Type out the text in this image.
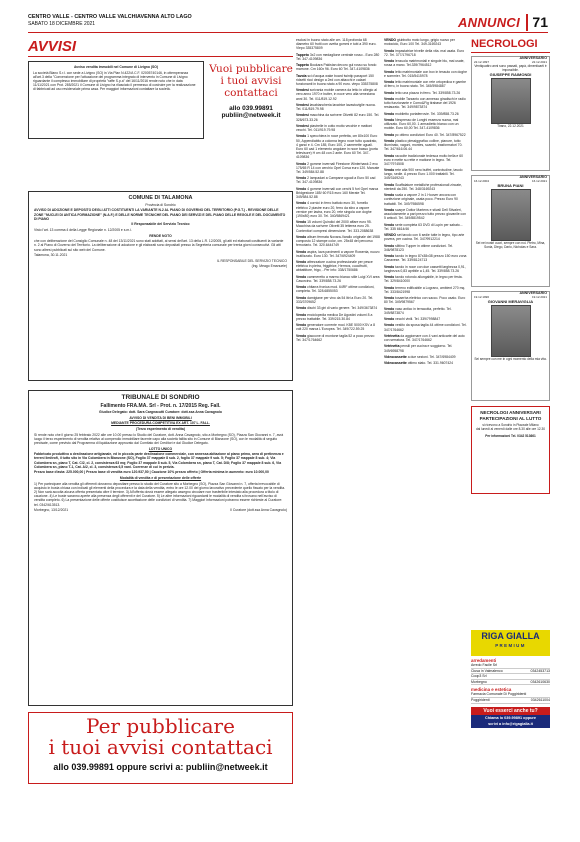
CENTRO VALLE - CENTRO VALLE VALCHIAVENNA ALTO LAGO
SABATO 18 DICEMBRE 2021	ANNUNCI 71
AVVISI

Avviso vendita immobili nel Comune di Livigno (SO)

La società Blano S.r.l. con sede a Livigno (SO) in Via Plan N.422/A C.F. 02005740146, in ottemperanza all'art.3 della "Convenzione per l'attuazione del programma integrato di intervento in Comune di Livigno riguardante il complesso immobiliare di proprietà "raffe S.p.a" del 16/11/2016 rende noto che in data 11/11/2021 con Prot. 285/2021 il Comune di Livigno ha rilasciato il permesso di costruire per la realizzazione di fabbricati ad uso residenziale prima casa. Per maggiori informazioni contattare la società.

Vuoi pubblicare
i tuoi avvisi
contattaci
allo 039.99891
publiin@netweek.it

COMUNE DI TALAMONA

Provincia di Sondrio

AVVISO DI ADOZIONE E DEPOSITO DEGLI ATTI COSTITUENTI LA VARIANTE N.2 AL PIANO DI GOVERNO DEL TERRITORIO (P.G.T.) - REVISIONE DELLE ZONE "NUCLEI DI ANTICA FORMAZIONE" (N.A.F.) E DELLE NORME TECNICHE DEL PIANO DEI SERVIZI E DEL PIANO DELLE REGOLE E DEL DOCUMENTO DI PIANO

Il Responsabile del Servizio Tecnico

Visto l'art. 13 comma 4 della Legge Regionale n. 12/2005 e s.m.i.

RENDE NOTO

che con deliberazione del Consiglio Comunale n. 48 del 13/11/2021 sono stati adottati, ai sensi dell'art. 13 della L.R. 12/2005, gli atti ed elaborati costituenti la variante n. 2 al Piano di Governo del Territorio. La deliberazione di adozione e gli elaborati sono depositati presso la Segreteria comunale per trenta giorni consecutivi. Gli atti sono altresì pubblicati sul sito web del Comune.

Talamona, 30.11.2021

IL RESPONSABILE DEL SERVIZIO TECNICO

(Ing. Meago Emanuele)

TRIBUNALE DI SONDRIO

Fallimento FRA.MA. Srl - Prot. n. 17/2015 Reg. Fall.

Giudice Delegato: dott. Sara Cargnacutti Curatore: dott.ssa Anna Cavagnolo

AVVISO DI VENDITA DI BENI IMMOBILI

MEDIANTE PROCEDURA COMPETITIVA EX ART. 107 L. FALL.

(Terzo esperimento di vendita)

Si rende noto che il giorno 25 febbraio 2022 alle ore 10.00 presso lo Studio del Curatore, dott. Anna Cavagnolo, sito a Morbegno (SO), Piazza San Giovanni n. 7, avrà luogo il terzo esperimento di vendita relativo al compendio immobiliare facente capo alla società fallita sito in Comune di Bianzone (SO), con le modalità di seguito precisate, come previsto dal Programma di liquidazione approvato dal Comitato dei Creditori e dal Giudice Delegato.

LOTTO UNICO

Fabbricato produttivo a destinazione artigianale, ed in piccola parte destinazione commerciale, con annessa abitazione al piano primo, area di pertinenza e terreni limitrofi, il tutto sito in Via Colombera in Bianzone (SO), Foglio 37 mappale 8 sub. 2, foglio 37 mappale 9 sub. 5; Foglio 37 mappale 8 sub. 4; Via Colombera sn, piano T, Cat. C/2, cl. 2, consistenza 63 mq; Foglio 37 mappale 8 sub. 5, Via Colombera sn, piano T, Cat. D/8; Foglio 37 mappale 8 sub. 6, Via Colombera sn, piano T-1, Cat. A/2, cl. 3, consistenza 6,5 vani. Coerenze di cui in perizia.

Prezzo base d'asta: 225.000,00 | Prezzo base di vendita euro 120.937,50 | Cauzione 10% prezzo offerto | Offerta minima in aumento: euro 10.000,00

Modalità di vendita e di presentazione delle offerte

1) Per partecipare alla vendita gli offerenti dovranno depositare presso lo studio del Curatore sito a Morbegno (SO), Piazza San Giovanni n. 7, offerta irrevocabile di acquisto in busta chiusa con indicati gli elementi della procedura e la data della vendita, entro le ore 12.00 del giorno lavorativo precedente quello fissato per la vendita. 2) Non sarà accolta alcuna offerta presentata oltre il termine. 3) All'offerta dovrà essere allegato assegno circolare non trasferibile intestato alla procedura a titolo di cauzione. 4) Le buste saranno aperte alla presenza degli offerenti e del Curatore. 5) Le altre informazioni riguardanti le modalità di vendita si trovano nell'avviso di vendita completo. 6) La presentazione delle offerte costituisce accettazione delle condizioni di vendita. 7) Maggiori informazioni potranno essere richieste al Curatore: tel. 0342/613513.

Morbegno, 13/12/2021	Il Curatore (dott.ssa Anna Cavagnolo)

Per pubblicare
i tuoi avvisi contattaci
allo 039.99891 oppure scrivi a: publiin@netweek.it

esclusi in buono stato alle cm. 118 profonda 68 diametro 60 frutti con uvetta gommi e tubi a 390 euro. Vlepo 335375809

Tappeto 3x2 con medaglione centrale rosso - Euro 280 Tel. 347-4109836

Tappeto Boukara Pakistan decoro gul rosso su fondo marrone. Cm 160x 96. Euro 60 Tel. 347-4109836

Tavola sci d'acqua wake board twintip passport 150 ridsetti ricci design a 2ed con attacchi e calzari funzionanti in buono stato a 90 euro. vlepo 335375808

Vendesi scrivania mobile camera da letto in ciliegio al vero anno 1970 e butter, in noce vero alla veneziana anni 30. Tel. 011/819.12.92

Vendesi lavabiancheria lavatrice lavastoviglie nuova. Tel. 011/819.79.98

Vendesi macchina da scrivere Olivetti 82 euro 150. Tel. 328/673.33.26

Vendesi piastrelle in cotto motto vecchie e mattoni vecchi. Tel. 011/919.79.98

Vendo 1 specchiera in noce perfetta, cm 80x100 Euro 50, Appendiabito a colonna legno noce tutto quadrato, 4 ganci e 4. Cm 185, Euro 100, 2 camerette uguali. Euro 60 cad 1 elemento angolare in noce basso (porta televisore) H cm 48 con 2 ante. Euro 60 Tel. 347-4109836

Vendo 2 gomme invernali Firestone Winterhawk 2 evo 175/65 R 14 con cerchio Opel Corsa euro 120. Marcate Tel. 349/584.52.88

Vendo 2 lampadari a Campane uguali a Euro 50 cad Tel. 347-4109836

Vendo 4 gomme invernali con cerchi 5 fori Opel marca Bridgestone 185/ 60 R15 euro 160 Merate Tel. 349/584.52.88

Vendo 4 cornici in ferro battuto euro 30, fornello elettrico 2 piastre euro 20, ferro da stiro a vapore vernice per lastra, euro 20, rete singola con doghe (190x80) euro 30. Tel. 340/5869421

Vendo 15 volumi Quindici del 2000 affare euro 95. Macchina da scrivere Olivetti 35 letterea euro 25. Contenitori compresi dimensione. Tel. 333.2088638

Vendo album fermata Novara-Varallo originale del 1988 composto 12 stampe color, cm. 25x48 del percorso ferroviario. Tel. 320.6444749

Vendo aspira, lava pavimenti a vapore Rowenta, nuovo inutilizzato. Euro 130. Tel. 347/6924409

Vendo attrezzature cucina professionale per pesce elettrica in pietra, friggitrice, Hermos, cuocifrutti, abbattitore, frigo, ..Per info: 338/1750686

Vendo cammeretto a marmo bianco stile Luigi XVI area Casorcino. Tel. 339/858.73.26

Vendo chitarra fronica mod. 64RF ottime condizioni, completa. Tel. 328.6855053

Vendo damigiane per vino da 54 litri a Euro 20. Tel. 333/3709652

Vendo dischi 33 giri di vario genere. Tel. 349/3673874

Vendo enciclopedia medica De Agostini volumi 8 a prezzo trattabile. Tel. 339/215.30.84

Vendo generatore corrente mod. KBE 5000 KSV a 8 volt 220 marca L'Europea. Tel. 349/722.59.25

Vendo giaccone di montone taglia 52 a poco prezzo Tel. 347/1764662

VENDO giubbotto moto lungo, grigio nuovo per motociclo, Euro 100 Tel. 349-3169243

Vendo impastatrice trivelle della vita. mai usata. Euro 72. Tel. 377/1796718

Vendo lenzuola matrimoniali e singole blu, mai usate, rossa a mano. Tel.339/7964512

Vendo letto matrimoniale con box in tessuto con doghe e sommier. Tel. 015/5415978

Vendo letto matrimoniale con rete ortopedica e gambe di ferro, in buono stato. Tel. 345/5984887

Vendo letto una piazza in ferro. Tel. 339/858.73.26

Vendo mobile Tarzanto con annesso giradischi e radio tutto funzionante e Como&Fig tirabase del 1926 restaurato. Tel. 349/9873874

Vendo mobiletto portaferrovie. Tel. 339/858.73.26

Vendo Nespresso de Longhi essenza nuova, mai utilizzato. Euro 60,00. 1 armadietto bianco con un mobile. Euro 60,00 Tel. 347-4109836

Vendo pc ottimo condizioni Euro 40. Tel. 347/8967522

Vendo plastico plessiggrafico colline, pianure, tutto illuminato, vagoni, montes, scambi, trasformatori 70. Tel. 347/616.06.44

Vendo raccolte tradizionale tedesca molto bella e 60 euro e mette su rette e mattone in legno. Tel. 347/7974508

Vendo rete alta 900 nero buffet, controtudine, tavolo lungo, sedie. A prezzo Euro 1.000 trattabili. Tel. 349/3169243

Vendo Scaffalature metalliche professionali zincate, nientedi da 250. Tel. 348/3169243

Vendo scala a vapore 2 in 1 Hoover ancora con confezione originale, usata poco. Prezzo Euro 90 trattabili. Tel. 349/7986598

Vendo scarpe Dottor Martens e stivali Dell Stivaleri, assolutamente a pari prezzo tutto prezzo giovanile con 5 articoli. Tel. 349/8819542

Vendo serie completa 63 DVD di Lupin per sabato... Tel. 335 6614/46

VENDO set tavolo con 6 sedie tutte in legno, tipo arte povera, per cucina. Tel. 347/9912214

Vendo slittino Tupper in ottime condizioni. Tel. 346/9878123

Vendo tavolo in legno 87x38x38 prezzo 150 euro zona Canavese. Tel. 339/8124713

Vendo tavolo in noce con due cassetti larghezza 0,91, lunghezza 0,83 apribile a 1,45. Tel. 339/858.73.26

Vendo tavolo rotondo allungabile, in legno per festa. Tel. 329/8410000

Vendo terreno edificabile a Lograno, ambient 270 mq. Tel. 333/8421998

Vendo tosaerba elettrico con sacco. Poco usato. Euro 80 Tel. 349/9879567

Vendo vaso antico in terracotta, perfetto. Tel. 349/8873874

Vendo vecchi vinili. Tel. 339/7998847

Vendo vestito da sposa taglia 44 ottime condizioni. Tel. 347/1764662

Vetrinetta da aggiornare con 4 vani anticarte del auto con serratura. Tel. 347/1764662

Vetrinetta pensili per cucina e soggiorno. Tel. 349/6958798

Videocassette a due sezioni. Tel. 347/6984409

Videocassette ottimo stato. Tel. 331.9607424

NECROLOGI
ANNIVERSARIO
22.12.1997	22.12.2021
Ventiquattro anni sono passati, papà, dimenticarti è impossibile.
GIUSEPPE RAIMONDI
Tirano, 22.12.2021
ANNIVERSARIO
16.12.2004	16.12.2021
BRUNA PIANI
Sei nei nostri cuori, sempre con noi. Pietro, Mina, Sonia, Diego, Dario, Nicholas e Sara.
ANNIVERSARIO
19.12.1996	19.12.2021
GIOVANNI MERAVIGLIA
Sei sempre con me in ogni momento della mia vita.
NECROLOGI ANNIVERSARI PARTECIPAZIONI AL LUTTO
si ricevono a Sondrio in Piazzale Milano
dal lunedì al venerdì dalle ore 8.30 alle ore 12.30
Per informazioni Tel. 0342 513661
RIGA GIALLA
PREMIUM
arredamenti
Arredo Facile Srl
Ciusa in Valmalenco	0342453713
Coop3 Srl
Morbegno	0342610630
medicina e estetica
Farmacia Comunale Di Poggiridenti
Poggiridenti	0342611004
Vuoi esserci anche tu?
Chiama lo 039.99891 oppure
scrivi a info@rigagialla.it
